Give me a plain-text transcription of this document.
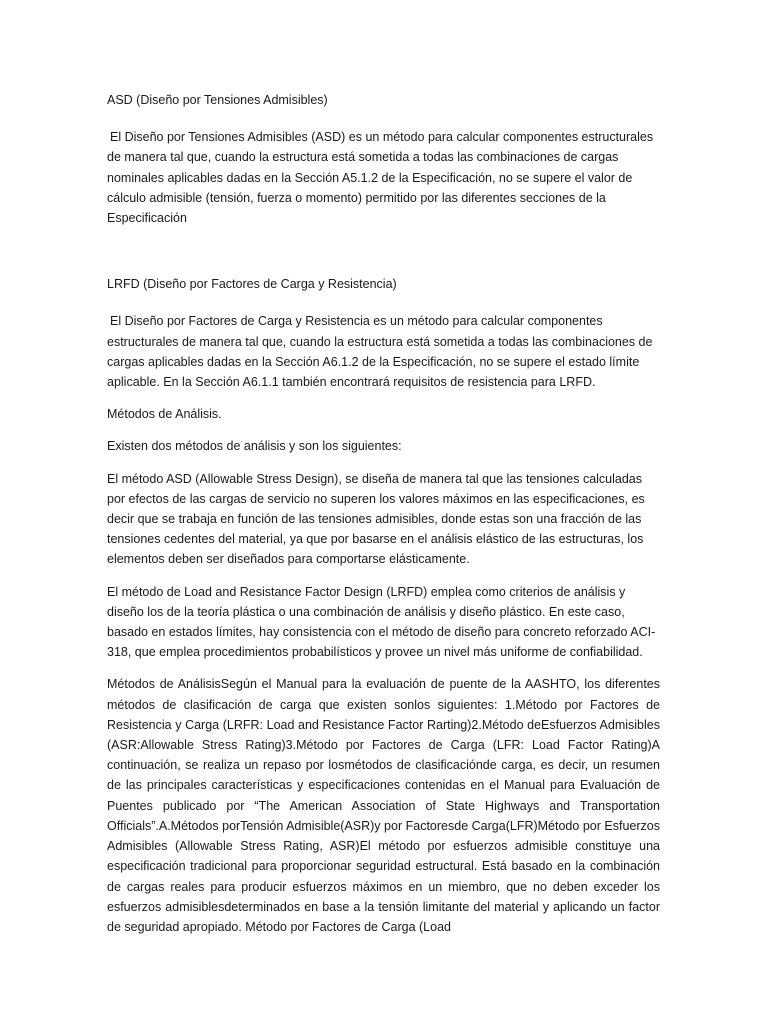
ASD (Diseño por Tensiones Admisibles)

El Diseño por Tensiones Admisibles (ASD) es un método para calcular componentes estructurales de manera tal que, cuando la estructura está sometida a todas las combinaciones de cargas nominales aplicables dadas en la Sección A5.1.2 de la Especificación, no se supere el valor de cálculo admisible (tensión, fuerza o momento) permitido por las diferentes secciones de la Especificación

LRFD (Diseño por Factores de Carga y Resistencia)

El Diseño por Factores de Carga y Resistencia es un método para calcular componentes estructurales de manera tal que, cuando la estructura está sometida a todas las combinaciones de cargas aplicables dadas en la Sección A6.1.2 de la Especificación, no se supere el estado límite aplicable. En la Sección A6.1.1 también encontrará requisitos de resistencia para LRFD.

Métodos de Análisis.

Existen dos métodos de análisis y son los siguientes:

El método ASD (Allowable Stress Design), se diseña de manera tal que las tensiones calculadas por efectos de las cargas de servicio no superen los valores máximos en las especificaciones, es decir que se trabaja en función de las tensiones admisibles, donde estas son una fracción de las tensiones cedentes del material, ya que por basarse en el análisis elástico de las estructuras, los elementos deben ser diseñados para comportarse elásticamente.

El método de Load and Resistance Factor Design (LRFD) emplea como criterios de análisis y diseño los de la teoría plástica o una combinación de análisis y diseño plástico. En este caso, basado en estados límites, hay consistencia con el método de diseño para concreto reforzado ACI-318, que emplea procedimientos probabilísticos y provee un nivel más uniforme de confiabilidad.

Métodos de AnálisisSegún el Manual para la evaluación de puente de la AASHTO, los diferentes métodos de clasificación de carga que existen sonlos siguientes: 1.Método por Factores de Resistencia y Carga (LRFR: Load and Resistance Factor Rarting)2.Método deEsfuerzos Admisibles (ASR:Allowable Stress Rating)3.Método por Factores de Carga (LFR: Load Factor Rating)A continuación, se realiza un repaso por losmétodos de clasificaciónde carga, es decir, un resumen de las principales características y especificaciones contenidas en el Manual para Evaluación de Puentes publicado por “The American Association of State Highways and Transportation Officials”.A.Métodos porTensión Admisible(ASR)y por Factoresde Carga(LFR)Método por Esfuerzos Admisibles (Allowable Stress Rating, ASR)El método por esfuerzos admisible constituye una especificación tradicional para proporcionar seguridad estructural. Está basado en la combinación de cargas reales para producir esfuerzos máximos en un miembro, que no deben exceder los esfuerzos admisiblesdeterminados en base a la tensión limitante del material y aplicando un factor de seguridad apropiado. Método por Factores de Carga (Load
